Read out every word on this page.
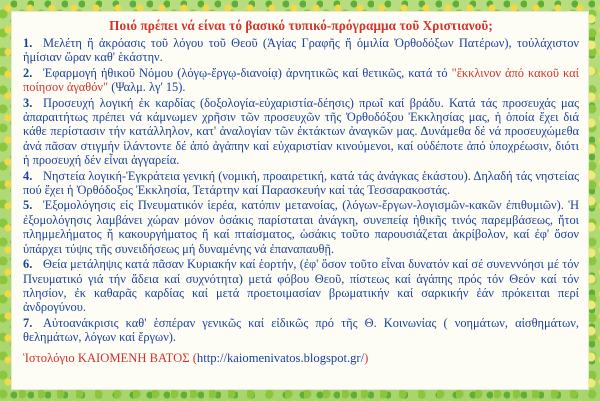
Ποιό πρέπει νά είναι τό βασικό τυπικό-πρόγραμμα τοῦ Χριστιανοῦ;

1. Μελέτη ἤ ἀκρόασις τοῦ λόγου τοῦ Θεοῦ (Ἁγίας Γραφῆς ἤ ὁμιλία Ὀρθοδόξων Πατέρων), τοὐλάχιστον ἡμίσιαν ὥραν καθ' ἑκάστην.

2. Ἐφαρμογή ἠθικοῦ Νόμου (λόγῳ-ἔργῳ-διανοίᾳ) ἀρνητικῶς καί θετικῶς, κατά τό "ἔκκλινον ἀπό κακοῦ καί ποίησον ἀγαθόν" (Ψαλμ. λγ' 15).

3. Προσευχή λογική ἐκ καρδίας (δοξολογία-εὐχαριστία-δέησις) πρωΐ καί βράδυ. Κατά τάς προσευχάς μας ἀπαραιτήτως πρέπει νά κάμνωμεν χρῆσιν τῶν προσευχῶν τῆς Ὀρθοδόξου Ἐκκλησίας μας, ἡ ὁποία ἔχει διά κάθε περίστασιν τήν κατάλληλον, κατ' ἀναλογίαν τῶν ἐκτάκτων ἀναγκῶν μας. Δυνάμεθα δέ νά προσευχώμεθα ἀνά πᾶσαν στιγμήν ἱλάντοντε δέ ἀπό ἀγάπην καί εὐχαριστίαν κινούμενοι, καί οὐδέποτε ἀπό ὑποχρέωσιν, διότι ἡ προσευχή δέν εἶναι ἀγγαρεία.

4. Νηστεία λογική-Ἐγκράτεια γενική (νομική, προαιρετική, κατά τάς ἀνάγκας ἑκάστου). Δηλαδή τάς νηστείας πού ἔχει ἡ Ὀρθόδοξος Ἐκκλησία, Τετάρτην καί Παρασκευήν καί τάς Τεσσαρακοστάς.

5. Ἐξομολόγησις εἰς Πνευματικόν ἱερέα, κατόπιν μετανοίας, (λόγων-ἔργων-λογισμῶν-κακῶν ἐπιθυμιῶν). Ἡ ἐξομολόγησις λαμβάνει χώραν μόνον ὁσάκις παρίσταται ἀνάγκη, συνεπείᾳ ἠθικῆς τινός παρεμβάσεως, ἤτοι πλημμελήματος ἤ κακουργήματος ἤ καί πταίσματος, ὡσάκις τοῦτο παρουσιάζεται ἀκρίβολον, καί ἐφ' ὅσον ὑπάρχει τύψις τῆς συνειδήσεως μή δυναμένης νά ἐπαναπαυθῇ.

6. Θεία μετάληψις κατά πᾶσαν Κυριακήν καί ἑορτήν, (ἐφ' ὅσον τοῦτο εἶναι δυνατόν καί σέ συνεννόησι μέ τόν Πνευματικό γιά τήν ἄδεια καί συχνότητα) μετά φόβου Θεοῦ, πίστεως καί ἀγάπης πρός τόν Θεόν καί τόν πλησίον, ἐκ καθαρᾶς καρδίας καί μετά προετοιμασίαν βρωματικήν καί σαρκικήν ἐάν πρόκειται περί ἀνδρογύνου.

7. Αὐτοανάκρισις καθ' ἑσπέραν γενικῶς καί εἰδικῶς πρό τῆς Θ. Κοινωνίας ( νοημάτων, αἰσθημάτων, θελημάτων, λόγων καί ἔργων).

Ἱστολόγιο ΚΑΙΟΜΕΝΗ ΒΑΤΟΣ (http://kaiomenivatos.blogspot.gr/)
